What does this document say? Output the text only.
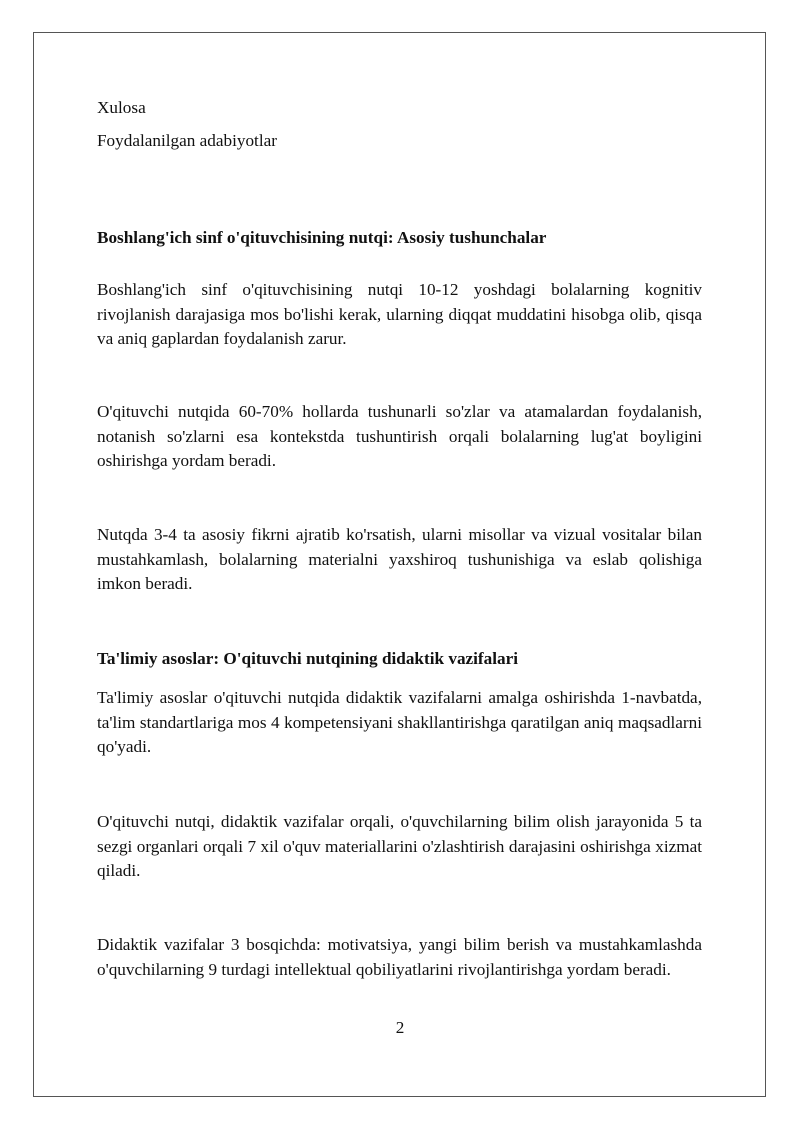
Xulosa
Foydalanilgan adabiyotlar
Boshlang'ich sinf o'qituvchisining nutqi: Asosiy tushunchalar
Boshlang'ich sinf o'qituvchisining nutqi 10-12 yoshdagi bolalarning kognitiv rivojlanish darajasiga mos bo'lishi kerak, ularning diqqat muddatini hisobga olib, qisqa va aniq gaplardan foydalanish zarur.
O'qituvchi nutqida 60-70% hollarda tushunarli so'zlar va atamalardan foydalanish, notanish so'zlarni esa kontekstda tushuntirish orqali bolalarning lug'at boyligini oshirishga yordam beradi.
Nutqda 3-4 ta asosiy fikrni ajratib ko'rsatish, ularni misollar va vizual vositalar bilan mustahkamlash, bolalarning materialni yaxshiroq tushunishiga va eslab qolishiga imkon beradi.
Ta'limiy asoslar: O'qituvchi nutqining didaktik vazifalari
Ta'limiy asoslar o'qituvchi nutqida didaktik vazifalarni amalga oshirishda 1-navbatda, ta'lim standartlariga mos 4 kompetensiyani shakllantirishga qaratilgan aniq maqsadlarni qo'yadi.
O'qituvchi nutqi, didaktik vazifalar orqali, o'quvchilarning bilim olish jarayonida 5 ta sezgi organlari orqali 7 xil o'quv materiallarini o'zlashtirish darajasini oshirishga xizmat qiladi.
Didaktik vazifalar 3 bosqichda: motivatsiya, yangi bilim berish va mustahkamlashda o'quvchilarning 9 turdagi intellektual qobiliyatlarini rivojlantirishga yordam beradi.
2
